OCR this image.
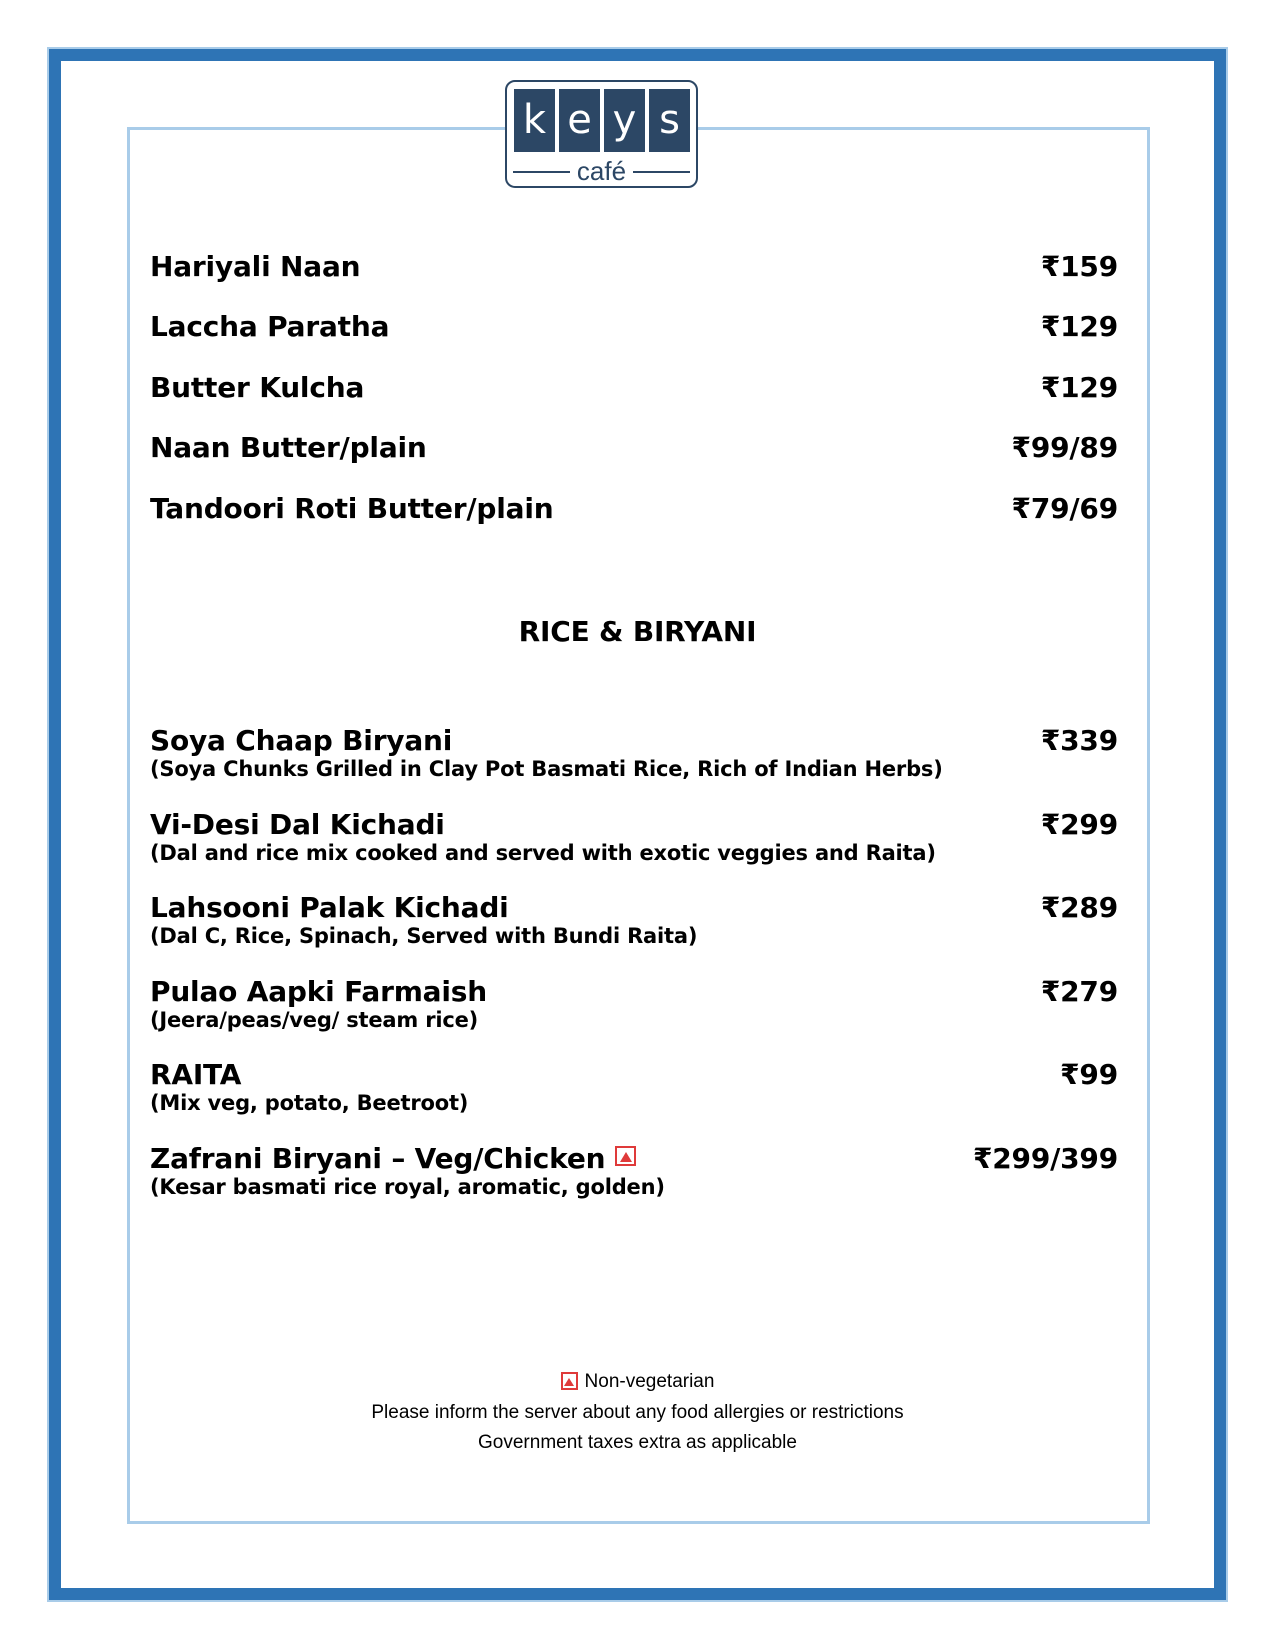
k e y s
café
Hariyali Naan	₹159
Laccha Paratha	₹129
Butter Kulcha	₹129
Naan Butter/plain	₹99/89
Tandoori Roti Butter/plain	₹79/69
RICE & BIRYANI
Soya Chaap Biryani	₹339
(Soya Chunks Grilled in Clay Pot Basmati Rice, Rich of Indian Herbs)
Vi-Desi Dal Kichadi	₹299
(Dal and rice mix cooked and served with exotic veggies and Raita)
Lahsooni Palak Kichadi	₹289
(Dal C, Rice, Spinach, Served with Bundi Raita)
Pulao Aapki Farmaish	₹279
(Jeera/peas/veg/ steam rice)
RAITA	₹99
(Mix veg, potato, Beetroot)
Zafrani Biryani – Veg/Chicken	₹299/399
(Kesar basmati rice royal, aromatic, golden)
Non-vegetarian
Please inform the server about any food allergies or restrictions
Government taxes extra as applicable
